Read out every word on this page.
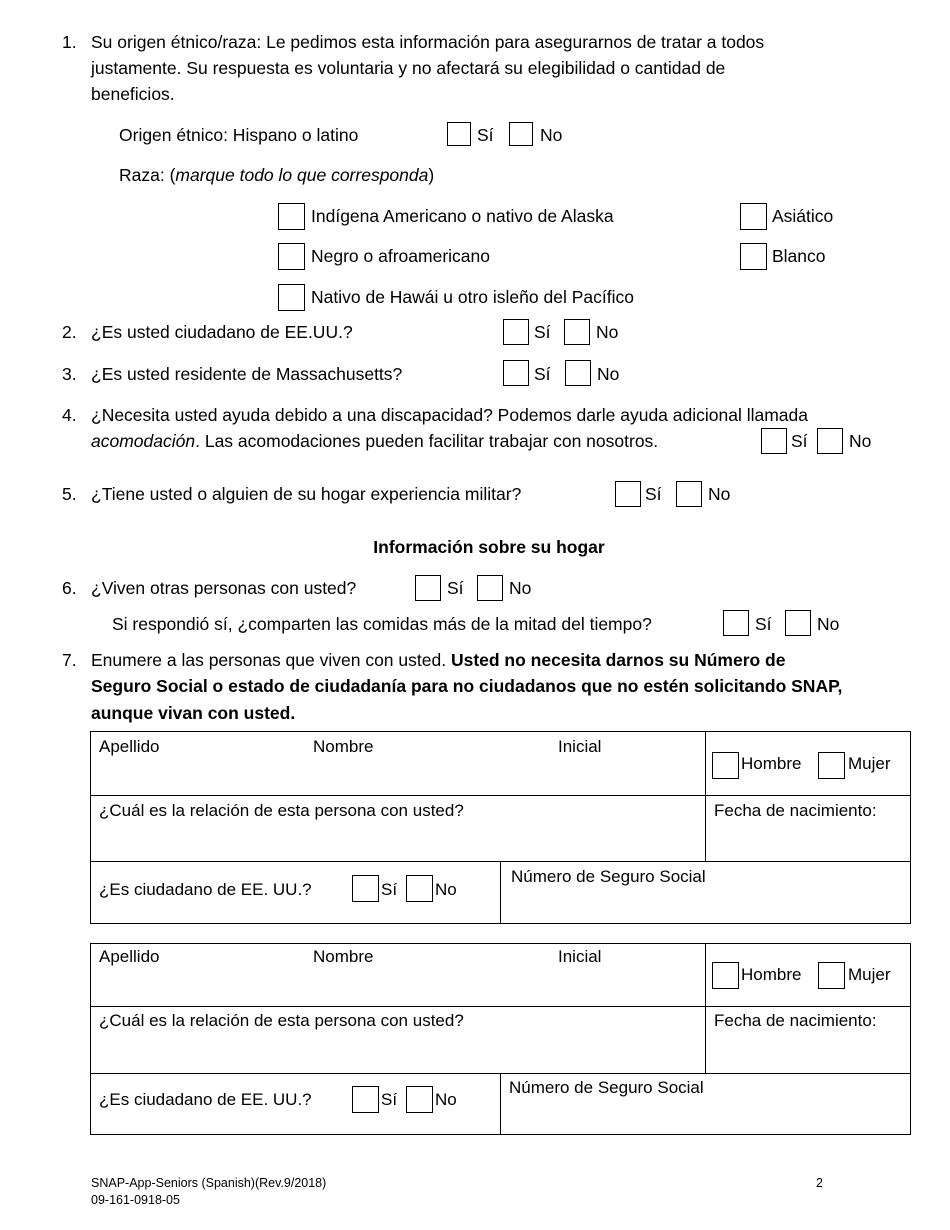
1. Su origen étnico/raza: Le pedimos esta información para asegurarnos de tratar a todos
justamente. Su respuesta es voluntaria y no afectará su elegibilidad o cantidad de
beneficios.
Origen étnico: Hispano o latino	Sí	No
Raza: (marque todo lo que corresponda)
Indígena Americano o nativo de Alaska	Asiático
Negro o afroamericano	Blanco
Nativo de Hawái u otro isleño del Pacífico
2. ¿Es usted ciudadano de EE.UU.?	Sí	No
3. ¿Es usted residente de Massachusetts?	Sí	No
4. ¿Necesita usted ayuda debido a una discapacidad? Podemos darle ayuda adicional llamada
acomodación. Las acomodaciones pueden facilitar trabajar con nosotros.	Sí No
5. ¿Tiene usted o alguien de su hogar experiencia militar?	Sí	No
Información sobre su hogar
6. ¿Viven otras personas con usted?	Sí	No
Si respondió sí, ¿comparten las comidas más de la mitad del tiempo?	Sí	No
7. Enumere a las personas que viven con usted. Usted no necesita darnos su Número de
Seguro Social o estado de ciudadanía para no ciudadanos que no estén solicitando SNAP,
aunque vivan con usted.
Apellido Nombre Inicial		Hombre Mujer

¿Cuál es la relación de esta persona con usted?		Fecha de nacimiento:

¿Es ciudadano de EE. UU.? Sí No	Número de Seguro Social	
Apellido Nombre Inicial		Hombre Mujer

¿Cuál es la relación de esta persona con usted?		Fecha de nacimiento:

¿Es ciudadano de EE. UU.? Sí No	Número de Seguro Social	
SNAP-App-Seniors (Spanish)(Rev.9/2018)
09-161-0918-05
2
